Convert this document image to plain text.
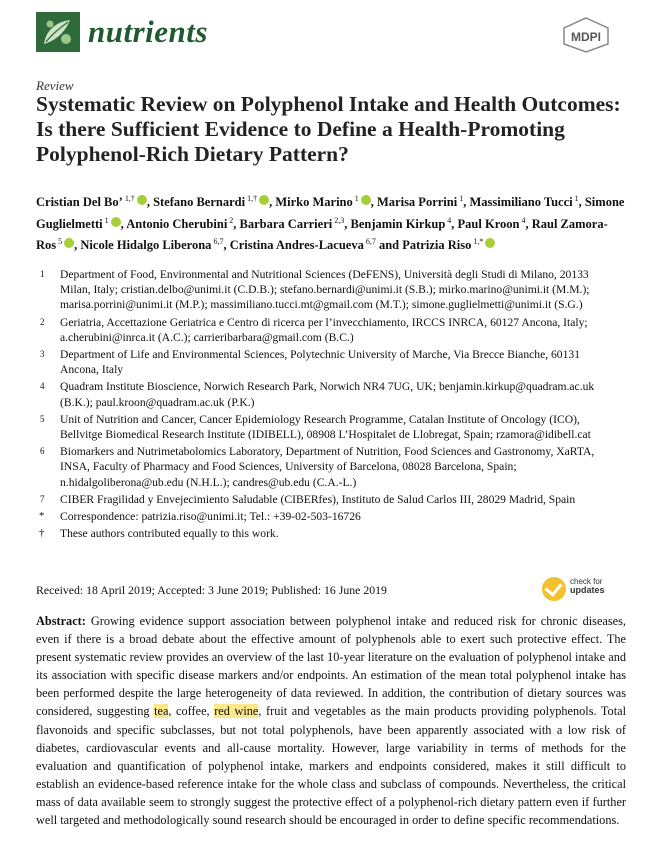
nutrients	MDPI
Review
Systematic Review on Polyphenol Intake and Health Outcomes: Is there Sufficient Evidence to Define a Health-Promoting Polyphenol-Rich Dietary Pattern?
Cristian Del Bo’ $^{1,\dagger}$ , Stefano Bernardi $^{1,\dagger}$ , Mirko Marino $^1$ , Marisa Porrini $^1$, Massimiliano Tucci $^1$, Simone Guglielmetti $^1$ , Antonio Cherubini $^2$, Barbara Carrieri $^{2,3}$, Benjamin Kirkup $^4$, Paul Kroon $^4$, Raul Zamora-Ros $^5$ , Nicole Hidalgo Liberona $^{6,7}$, Cristina Andres-Lacueva $^{6,7}$ and Patrizia Riso $^{1,*}$
1 Department of Food, Environmental and Nutritional Sciences (DeFENS), Università degli Studi di Milano, 20133 Milan, Italy; cristian.delbo@unimi.it (C.D.B.); stefano.bernardi@unimi.it (S.B.); mirko.marino@unimi.it (M.M.); marisa.porrini@unimi.it (M.P.); massimiliano.tucci.mt@gmail.com (M.T.); simone.guglielmetti@unimi.it (S.G.)
2 Geriatria, Accettazione Geriatrica e Centro di ricerca per l’invecchiamento, IRCCS INRCA, 60127 Ancona, Italy; a.cherubini@inrca.it (A.C.); carrieribarbara@gmail.com (B.C.)
3 Department of Life and Environmental Sciences, Polytechnic University of Marche, Via Brecce Bianche, 60131 Ancona, Italy
4 Quadram Institute Bioscience, Norwich Research Park, Norwich NR4 7UG, UK; benjamin.kirkup@quadram.ac.uk (B.K.); paul.kroon@quadram.ac.uk (P.K.)
5 Unit of Nutrition and Cancer, Cancer Epidemiology Research Programme, Catalan Institute of Oncology (ICO), Bellvitge Biomedical Research Institute (IDIBELL), 08908 L’Hospitalet de Llobregat, Spain; rzamora@idibell.cat
6 Biomarkers and Nutrimetabolomics Laboratory, Department of Nutrition, Food Sciences and Gastronomy, XaRTA, INSA, Faculty of Pharmacy and Food Sciences, University of Barcelona, 08028 Barcelona, Spain; n.hidalgoliberona@ub.edu (N.H.L.); candres@ub.edu (C.A.-L.)
7 CIBER Fragilidad y Envejecimiento Saludable (CIBERfes), Instituto de Salud Carlos III, 28029 Madrid, Spain
* Correspondence: patrizia.riso@unimi.it; Tel.: +39-02-503-16726
† These authors contributed equally to this work.
Received: 18 April 2019; Accepted: 3 June 2019; Published: 16 June 2019
check for
updates

Abstract: Growing evidence support association between polyphenol intake and reduced risk for chronic diseases, even if there is a broad debate about the effective amount of polyphenols able to exert such protective effect. The present systematic review provides an overview of the last 10-year literature on the evaluation of polyphenol intake and its association with specific disease markers and/or endpoints. An estimation of the mean total polyphenol intake has been performed despite the large heterogeneity of data reviewed. In addition, the contribution of dietary sources was considered, suggesting tea, coffee, red wine, fruit and vegetables as the main products providing polyphenols. Total flavonoids and specific subclasses, but not total polyphenols, have been apparently associated with a low risk of diabetes, cardiovascular events and all-cause mortality. However, large variability in terms of methods for the evaluation and quantification of polyphenol intake, markers and endpoints considered, makes it still difficult to establish an evidence-based reference intake for the whole class and subclass of compounds. Nevertheless, the critical mass of data available seem to strongly suggest the protective effect of a polyphenol-rich dietary pattern even if further well targeted and methodologically sound research should be encouraged in order to define specific recommendations.
